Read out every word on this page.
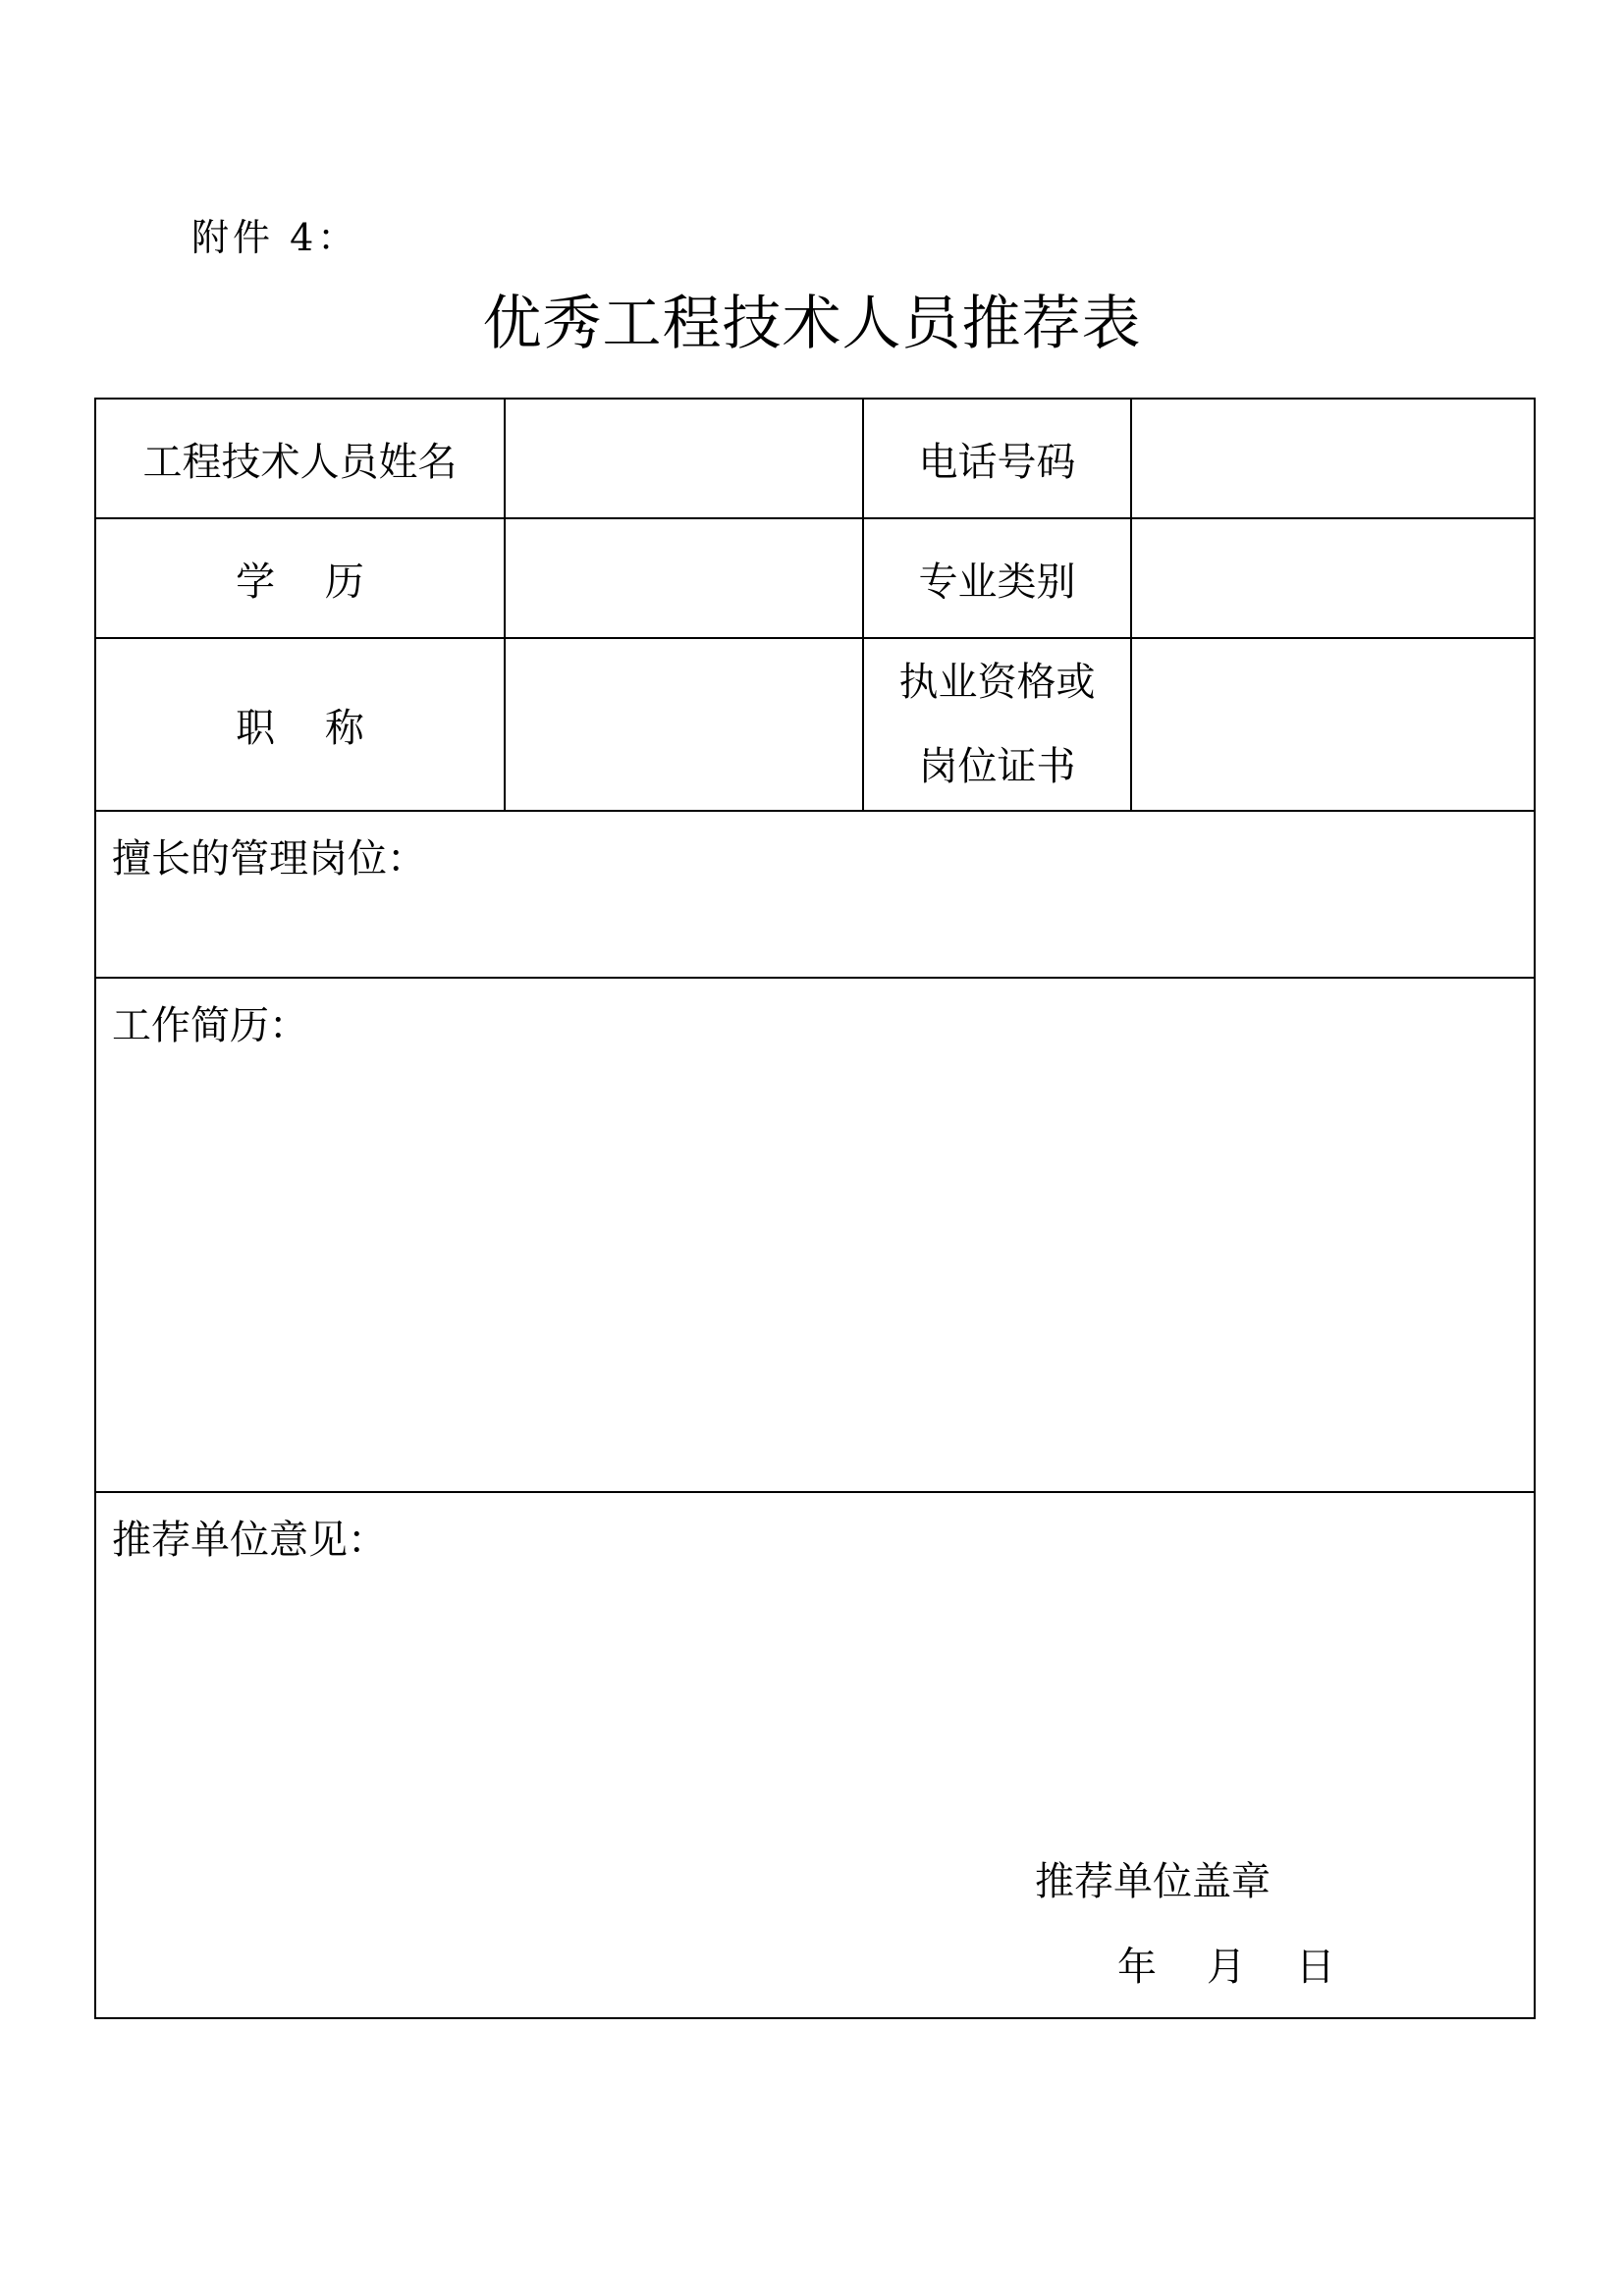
附件 4：
优秀工程技术人员推荐表
工程技术人员姓名		电话号码	
学    历		专业类别	
职    称		执业资格或
岗位证书	

擅长的管理岗位：			

工作简历：			

推荐单位意见：
推荐单位盖章
年    月    日			
